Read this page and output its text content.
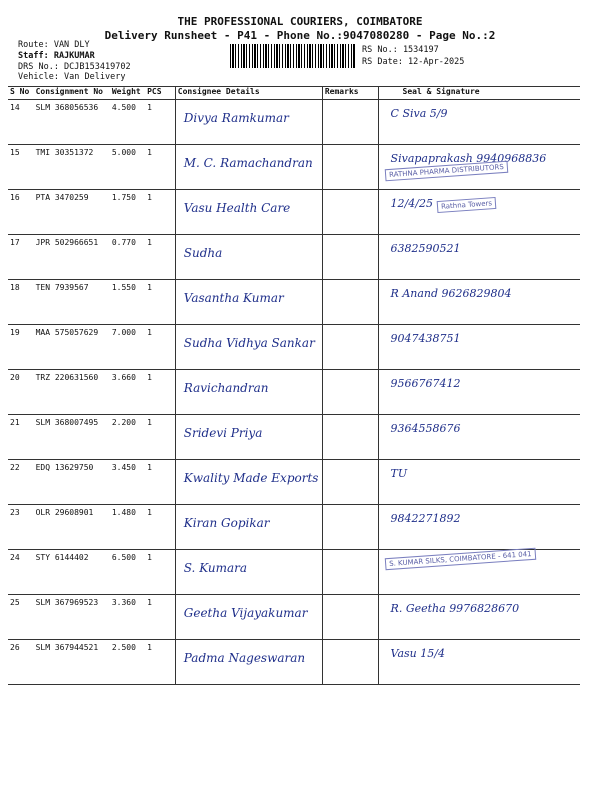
THE PROFESSIONAL COURIERS, COIMBATORE
Delivery Runsheet - P41 - Phone No.:9047080280 - Page No.:2
Route: VAN DLY
Staff: RAJKUMAR
DRS No.: DCJB153419702
Vehicle: Van Delivery
RS No.: 1534197
RS Date: 12-Apr-2025
S No	Consignment No	Weight	PCS	Consignee Details	Remarks	Seal & Signature
14	SLM 368056536	4.500	1	Divya Ramkumar		C Siva 5/9
15	TMI 30351372	5.000	1	M. C. Ramachandran		Sivapaprakash 9940968836RATHNA PHARMA DISTRIBUTORS
16	PTA 3470259	1.750	1	Vasu Health Care		12/4/25 Rathna Towers
17	JPR 502966651	0.770	1	Sudha		6382590521
18	TEN 7939567	1.550	1	Vasantha Kumar		R Anand 9626829804
19	MAA 575057629	7.000	1	Sudha Vidhya Sankar		9047438751
20	TRZ 220631560	3.660	1	Ravichandran		9566767412
21	SLM 368007495	2.200	1	Sridevi Priya		9364558676
22	EDQ 13629750	3.450	1	Kwality Made Exports		TU
23	OLR 29608901	1.480	1	Kiran Gopikar		9842271892
24	STY 6144402	6.500	1	S. Kumara		S. KUMAR SILKS, COIMBATORE - 641 041
25	SLM 367969523	3.360	1	Geetha Vijayakumar		R. Geetha 9976828670
26	SLM 367944521	2.500	1	Padma Nageswaran		Vasu 15/4
